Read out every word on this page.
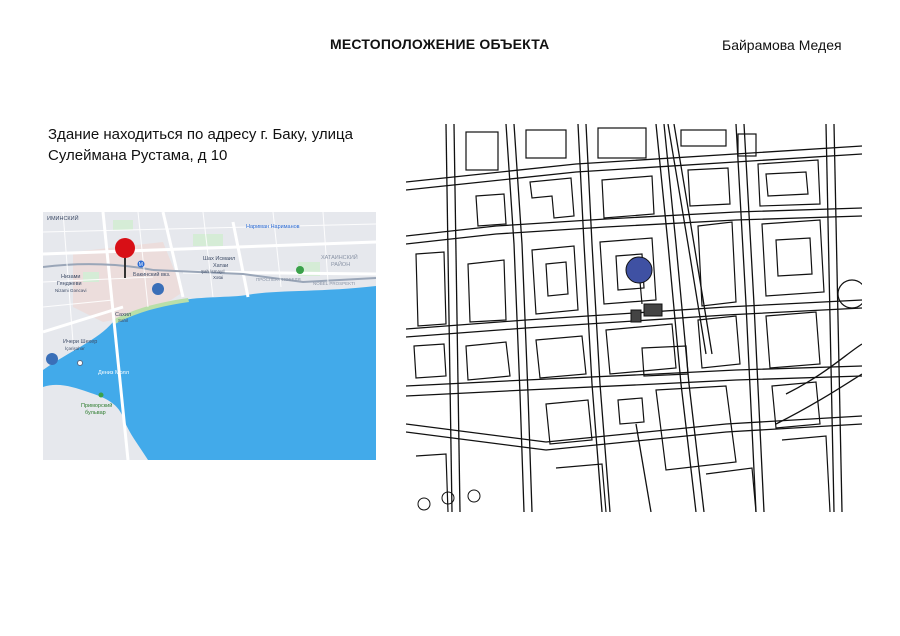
МЕСТОПОЛОЖЕНИЕ ОБЪЕКТА	Байрамова Медея
Здание находиться по адресу г. Баку, улица
Сулеймана Рустама, д 10
ИМИНСКИЙ
Нариман Нариманов
Низами
Гянджеви
Nizami Gəncəvi
Бакинский вкз.
Шах Исмаил
Хатаи
Şah İsmayıl
Xətai
ХАТАИНСКИЙ
РАЙОН
ПРОСПЕКТ НОБЕЛЯ
NOBEL PROSPEKTI
Сахил
Sahil
Ичери Шехер
İçərişəhər
Дениз Молл
Приморский
бульвар
M
